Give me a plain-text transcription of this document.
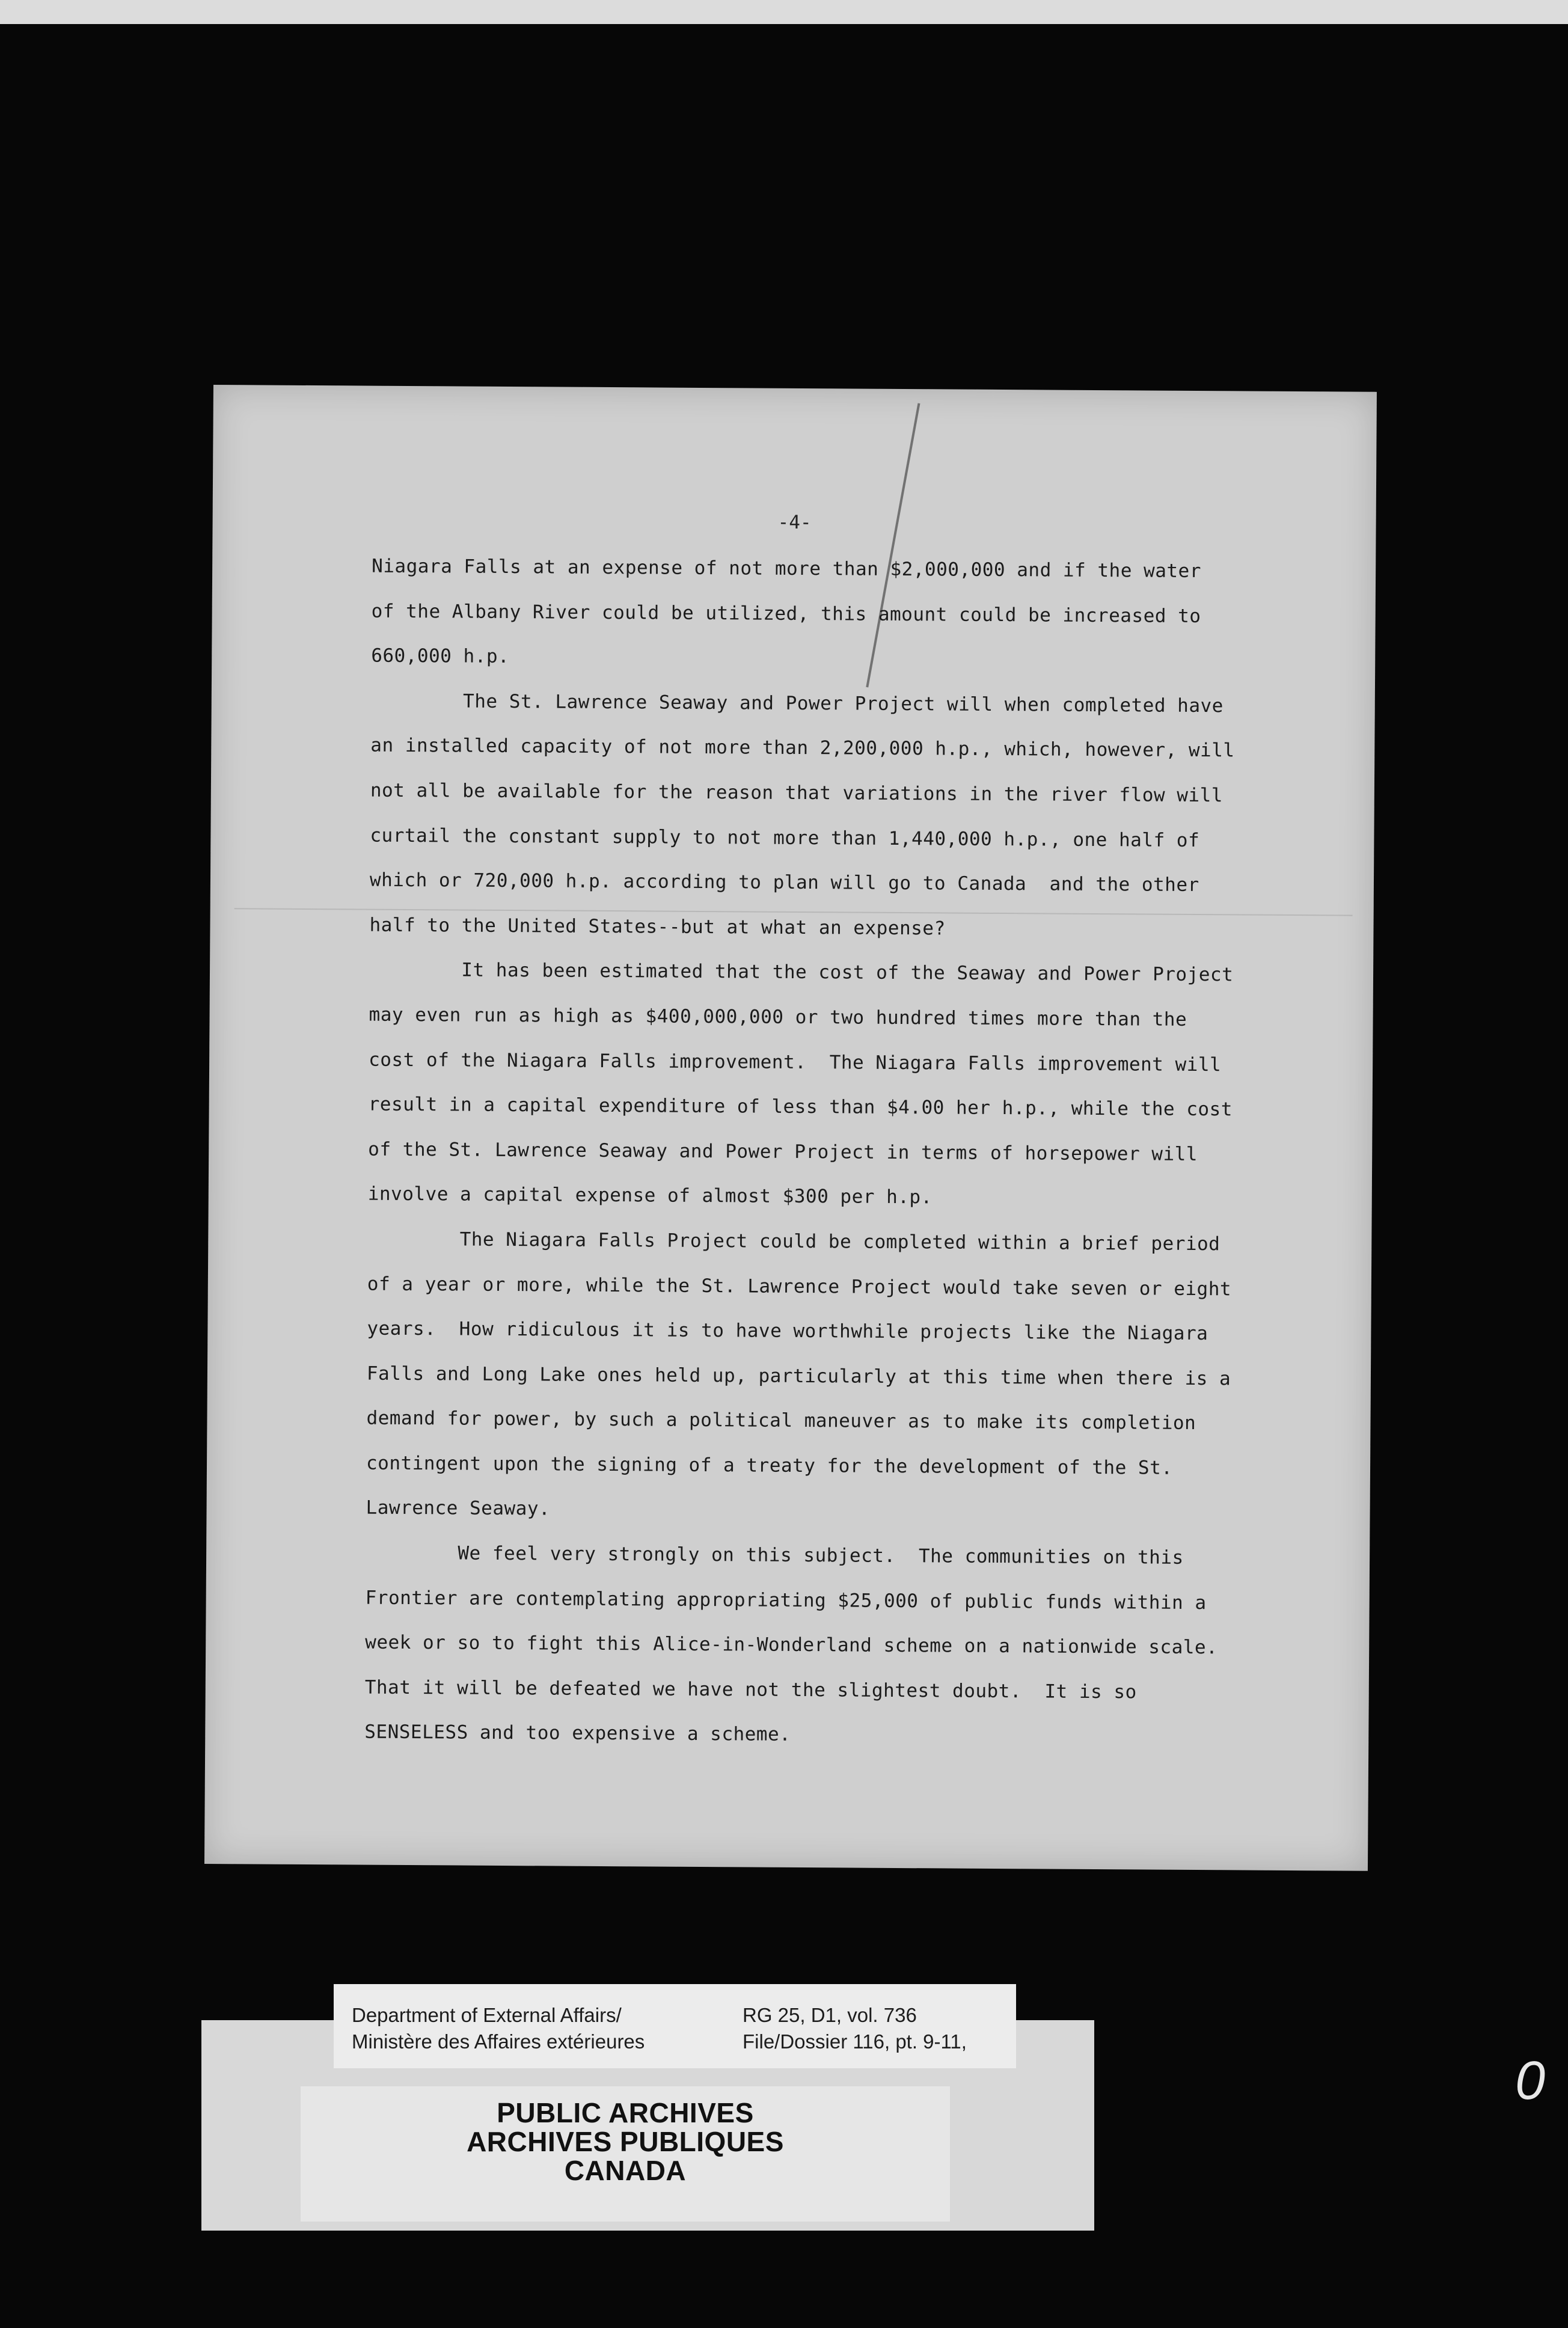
-4-
Niagara Falls at an expense of not more than $2,000,000 and if the water
of the Albany River could be utilized, this amount could be increased to
660,000 h.p.
The St. Lawrence Seaway and Power Project will when completed have
an installed capacity of not more than 2,200,000 h.p., which, however, will
not all be available for the reason that variations in the river flow will
curtail the constant supply to not more than 1,440,000 h.p., one half of
which or 720,000 h.p. according to plan will go to Canada  and the other
half to the United States--but at what an expense?
It has been estimated that the cost of the Seaway and Power Project
may even run as high as $400,000,000 or two hundred times more than the
cost of the Niagara Falls improvement.  The Niagara Falls improvement will
result in a capital expenditure of less than $4.00 her h.p., while the cost
of the St. Lawrence Seaway and Power Project in terms of horsepower will
involve a capital expense of almost $300 per h.p.
The Niagara Falls Project could be completed within a brief period
of a year or more, while the St. Lawrence Project would take seven or eight
years.  How ridiculous it is to have worthwhile projects like the Niagara
Falls and Long Lake ones held up, particularly at this time when there is a
demand for power, by such a political maneuver as to make its completion
contingent upon the signing of a treaty for the development of the St.
Lawrence Seaway.
We feel very strongly on this subject.  The communities on this
Frontier are contemplating appropriating $25,000 of public funds within a
week or so to fight this Alice-in-Wonderland scheme on a nationwide scale.
That it will be defeated we have not the slightest doubt.  It is so
SENSELESS and too expensive a scheme.
PUBLIC ARCHIVES
ARCHIVES PUBLIQUES
CANADA
Department of External Affairs/
Ministère des Affaires extérieures
RG 25, D1, vol. 736
File/Dossier 116, pt. 9-11,
0
